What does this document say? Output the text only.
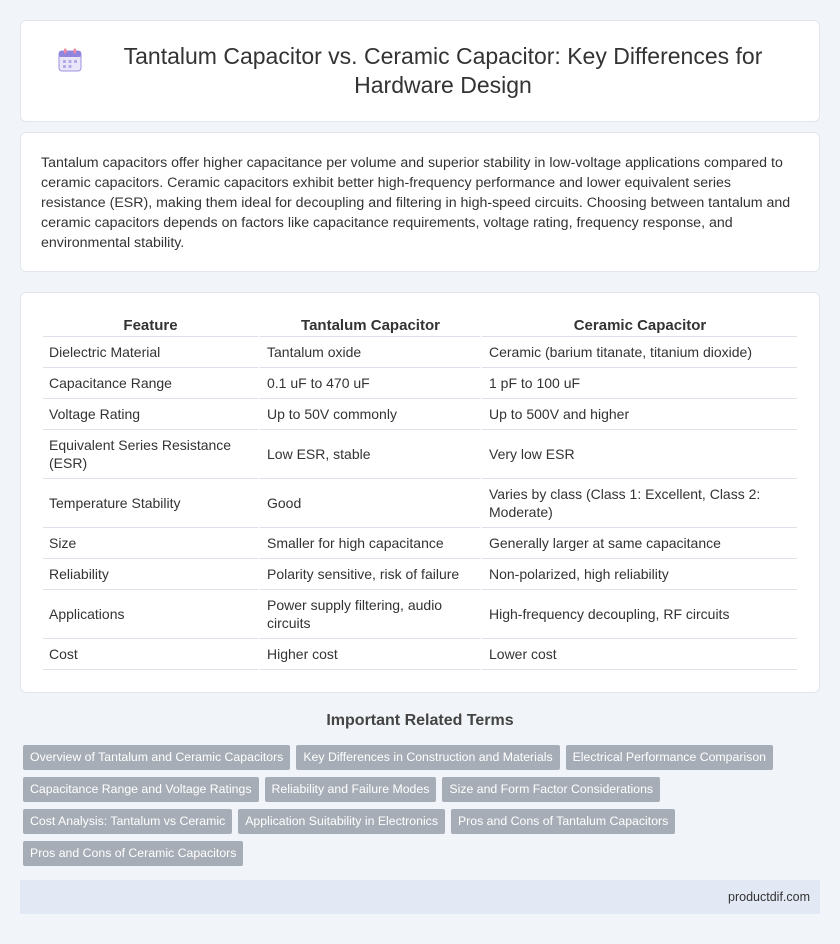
Tantalum Capacitor vs. Ceramic Capacitor: Key Differences for Hardware Design

Tantalum capacitors offer higher capacitance per volume and superior stability in low-voltage applications compared to ceramic capacitors. Ceramic capacitors exhibit better high-frequency performance and lower equivalent series resistance (ESR), making them ideal for decoupling and filtering in high-speed circuits. Choosing between tantalum and ceramic capacitors depends on factors like capacitance requirements, voltage rating, frequency response, and environmental stability.

Feature	Tantalum Capacitor	Ceramic Capacitor
Dielectric Material	Tantalum oxide	Ceramic (barium titanate, titanium dioxide)
Capacitance Range	0.1 uF to 470 uF	1 pF to 100 uF
Voltage Rating	Up to 50V commonly	Up to 500V and higher
Equivalent Series Resistance (ESR)	Low ESR, stable	Very low ESR
Temperature Stability	Good	Varies by class (Class 1: Excellent, Class 2: Moderate)
Size	Smaller for high capacitance	Generally larger at same capacitance
Reliability	Polarity sensitive, risk of failure	Non-polarized, high reliability
Applications	Power supply filtering, audio circuits	High-frequency decoupling, RF circuits
Cost	Higher cost	Lower cost
Important Related Terms
Overview of Tantalum and Ceramic Capacitors	Key Differences in Construction and Materials	Electrical Performance Comparison
Capacitance Range and Voltage Ratings	Reliability and Failure Modes	Size and Form Factor Considerations
Cost Analysis: Tantalum vs Ceramic	Application Suitability in Electronics	Pros and Cons of Tantalum Capacitors
Pros and Cons of Ceramic Capacitors
productdif.com
